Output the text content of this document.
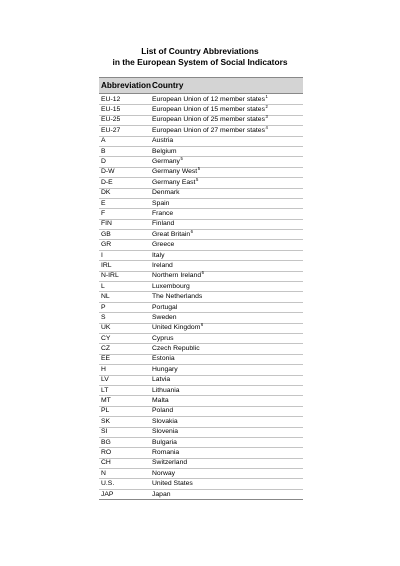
List of Country Abbreviations
in the European System of Social Indicators
Abbreviation Country
EU-12	European Union of 12 member states$^1$
EU-15	European Union of 15 member states$^2$
EU-25	European Union of 25 member states$^3$
EU-27	European Union of 27 member states$^4$
A	Austria
B	Belgium
D	Germany$^5$
D-W	Germany West$^5$
D-E	Germany East$^5$
DK	Denmark
E	Spain
F	France
FIN	Finland
GB	Great Britain$^6$
GR	Greece
I	Italy
IRL	Ireland
N-IRL	Northern Ireland$^6$
L	Luxembourg
NL	The Netherlands
P	Portugal
S	Sweden
UK	United Kingdom$^6$
CY	Cyprus
CZ	Czech Republic
EE	Estonia
H	Hungary
LV	Latvia
LT	Lithuania
MT	Malta
PL	Poland
SK	Slovakia
SI	Slovenia
BG	Bulgaria
RO	Romania
CH	Switzerland
N	Norway
U.S.	United States
JAP	Japan
